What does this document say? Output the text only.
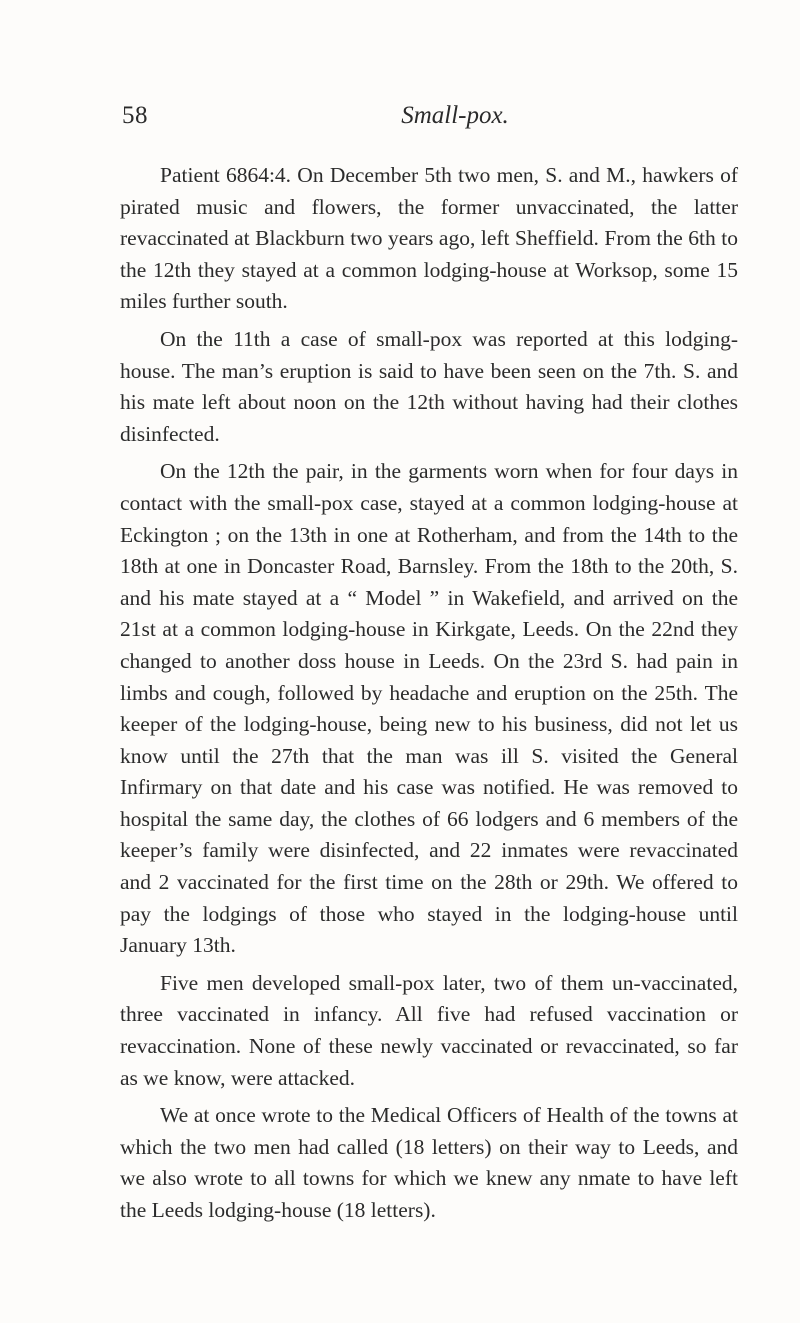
58	Small-pox.

Patient 6864:4. On December 5th two men, S. and M., hawkers of pirated music and flowers, the former unvaccinated, the latter revaccinated at Blackburn two years ago, left Sheffield. From the 6th to the 12th they stayed at a common lodging-house at Worksop, some 15 miles further south.

On the 11th a case of small-pox was reported at this lodging-house. The man’s eruption is said to have been seen on the 7th. S. and his mate left about noon on the 12th without having had their clothes disinfected.

On the 12th the pair, in the garments worn when for four days in contact with the small-pox case, stayed at a common lodging-house at Eckington ; on the 13th in one at Rotherham, and from the 14th to the 18th at one in Doncaster Road, Barnsley. From the 18th to the 20th, S. and his mate stayed at a “ Model ” in Wakefield, and arrived on the 21st at a common lodging-house in Kirkgate, Leeds. On the 22nd they changed to another doss house in Leeds. On the 23rd S. had pain in limbs and cough, followed by headache and eruption on the 25th. The keeper of the lodging-house, being new to his business, did not let us know until the 27th that the man was ill S. visited the General Infirmary on that date and his case was notified. He was removed to hospital the same day, the clothes of 66 lodgers and 6 members of the keeper’s family were disinfected, and 22 inmates were revaccinated and 2 vaccinated for the first time on the 28th or 29th. We offered to pay the lodgings of those who stayed in the lodging-house until January 13th.

Five men developed small-pox later, two of them un-vaccinated, three vaccinated in infancy. All five had refused vaccination or revaccination. None of these newly vaccinated or revaccinated, so far as we know, were attacked.

We at once wrote to the Medical Officers of Health of the towns at which the two men had called (18 letters) on their way to Leeds, and we also wrote to all towns for which we knew any nmate to have left the Leeds lodging-house (18 letters).
